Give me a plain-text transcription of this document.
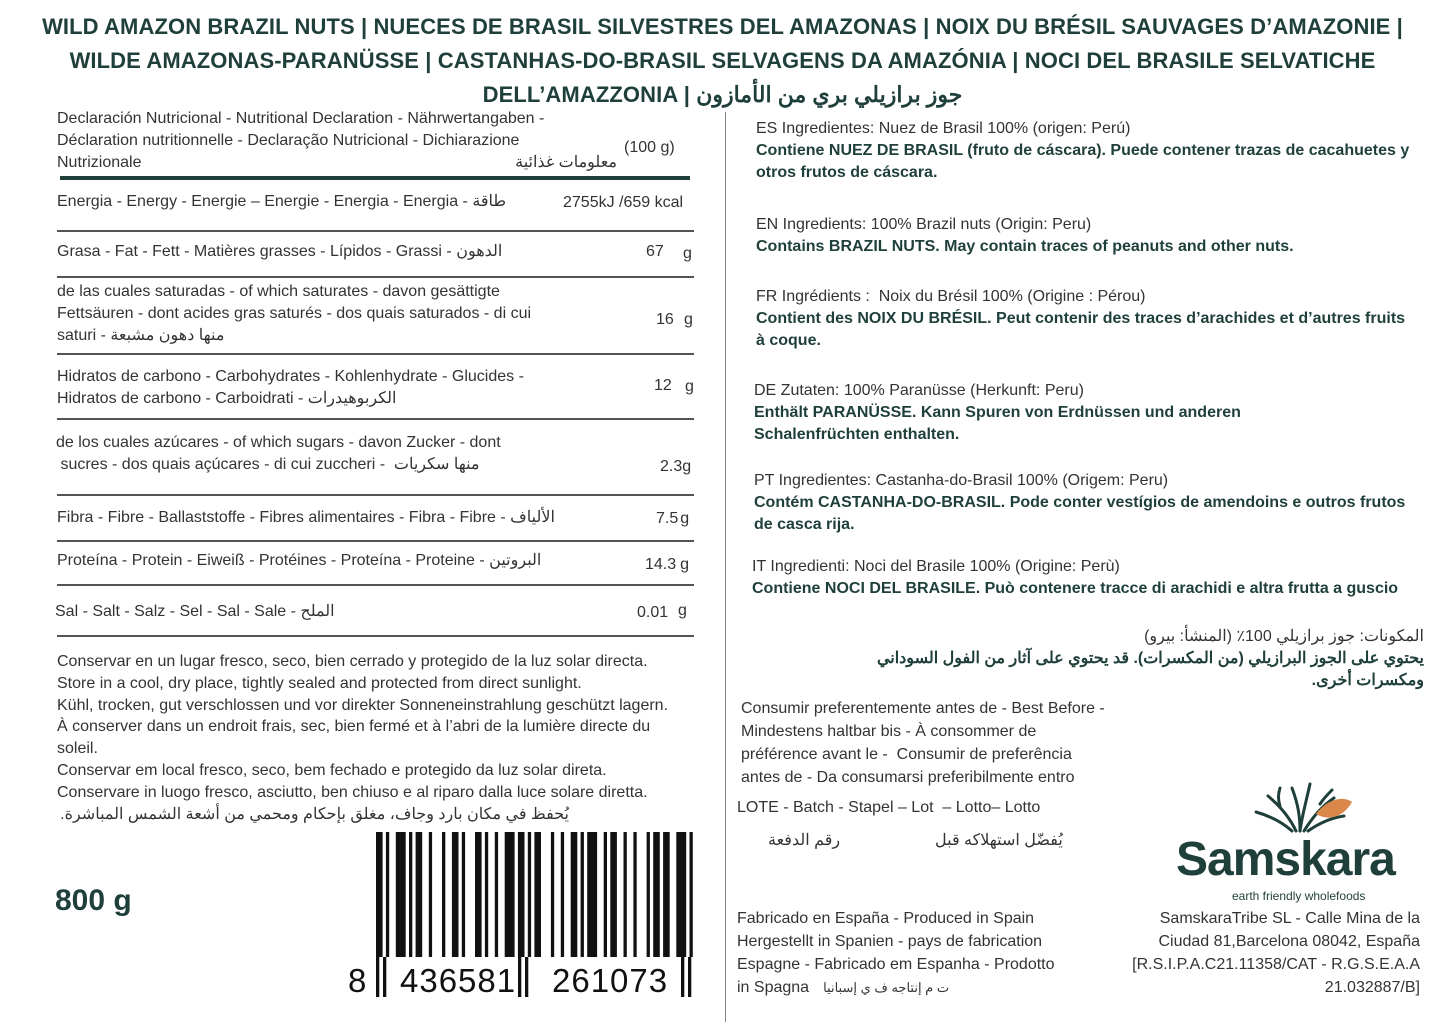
WILD AMAZON BRAZIL NUTS | NUECES DE BRASIL SILVESTRES DEL AMAZONAS | NOIX DU BRÉSIL SAUVAGES D’AMAZONIE |
WILDE AMAZONAS-PARANÜSSE | CASTANHAS-DO-BRASIL SELVAGENS DA AMAZÓNIA | NOCI DEL BRASILE SELVATICHE
DELL’AMAZZONIA | جوز برازيلي بري من الأمازون
Declaración Nutricional - Nutritional Declaration - Nährwertangaben -
Déclaration nutritionnelle - Declaração Nutricional - Dichiarazione
Nutrizionale	معلومات غذائية
(100 g)
Energia - Energy - Energie – Energie - Energia - Energia - طاقة	2755kJ /659 kcal
Grasa - Fat - Fett - Matières grasses - Lípidos - Grassi - الدهون	67 g
de las cuales saturadas - of which saturates - davon gesättigte
Fettsäuren - dont acides gras saturés - dos quais saturados - di cui
saturi - منها دهون مشبعة
16 g
Hidratos de carbono - Carbohydrates - Kohlenhydrate - Glucides -
Hidratos de carbono - Carboidrati - الكربوهيدرات
12 g
de los cuales azúcares - of which sugars - davon Zucker - dont
sucres - dos quais açúcares - di cui zuccheri -  منها سكريات	2.3g
Fibra - Fibre - Ballaststoffe - Fibres alimentaires - Fibra - Fibre - الألياف	7.5 g
Proteína - Protein - Eiweiß - Protéines - Proteína - Proteine - البروتين	14.3 g
Sal - Salt - Salz - Sel - Sal - Sale - الملح	0.01 g
Conservar en un lugar fresco, seco, bien cerrado y protegido de la luz solar directa.
Store in a cool, dry place, tightly sealed and protected from direct sunlight.
Kühl, trocken, gut verschlossen und vor direkter Sonneneinstrahlung geschützt lagern.
À conserver dans un endroit frais, sec, bien fermé et à l’abri de la lumière directe du
soleil.
Conservar em local fresco, seco, bem fechado e protegido da luz solar direta.
Conservare in luogo fresco, asciutto, ben chiuso e al riparo dalla luce solare diretta.
يُحفظ في مكان بارد وجاف، مغلق بإحكام ومحمي من أشعة الشمس المباشرة.
800 g
8 436581 261073
ES Ingredientes: Nuez de Brasil 100% (origen: Perú)
Contiene NUEZ DE BRASIL (fruto de cáscara). Puede contener trazas de cacahuetes y
otros frutos de cáscara.
EN Ingredients: 100% Brazil nuts (Origin: Peru)
Contains BRAZIL NUTS. May contain traces of peanuts and other nuts.
FR Ingrédients :  Noix du Brésil 100% (Origine : Pérou)
Contient des NOIX DU BRÉSIL. Peut contenir des traces d’arachides et d’autres fruits
à coque.
DE Zutaten: 100% Paranüsse (Herkunft: Peru)
Enthält PARANÜSSE. Kann Spuren von Erdnüssen und anderen
Schalenfrüchten enthalten.
PT Ingredientes: Castanha-do-Brasil 100% (Origem: Peru)
Contém CASTANHA-DO-BRASIL. Pode conter vestígios de amendoins e outros frutos
de casca rija.
IT Ingredienti: Noci del Brasile 100% (Origine: Perù)
Contiene NOCI DEL BRASILE. Può contenere tracce di arachidi e altra frutta a guscio
المكونات: جوز برازيلي 100٪ (المنشأ: بيرو)
يحتوي على الجوز البرازيلي (من المكسرات). قد يحتوي على آثار من الفول السوداني
ومكسرات أخرى.
Consumir preferentemente antes de - Best Before -
Mindestens haltbar bis - À consommer de
préférence avant le -  Consumir de preferência
antes de - Da consumarsi preferibilmente entro
LOTE - Batch - Stapel – Lot  – Lotto– Lotto
رقم الدفعة	يُفضّل استهلاكه قبل
Fabricado en España - Produced in Spain
Hergestellt in Spanien - pays de fabrication
Espagne - Fabricado em Espanha - Prodotto
in Spagna ت م إنتاجه ف ي إسبانيا
Samskara
earth friendly wholefoods
SamskaraTribe SL - Calle Mina de la
Ciudad 81,Barcelona 08042, España
[R.S.I.P.A.C21.11358/CAT - R.G.S.E.A.A
21.032887/B]
